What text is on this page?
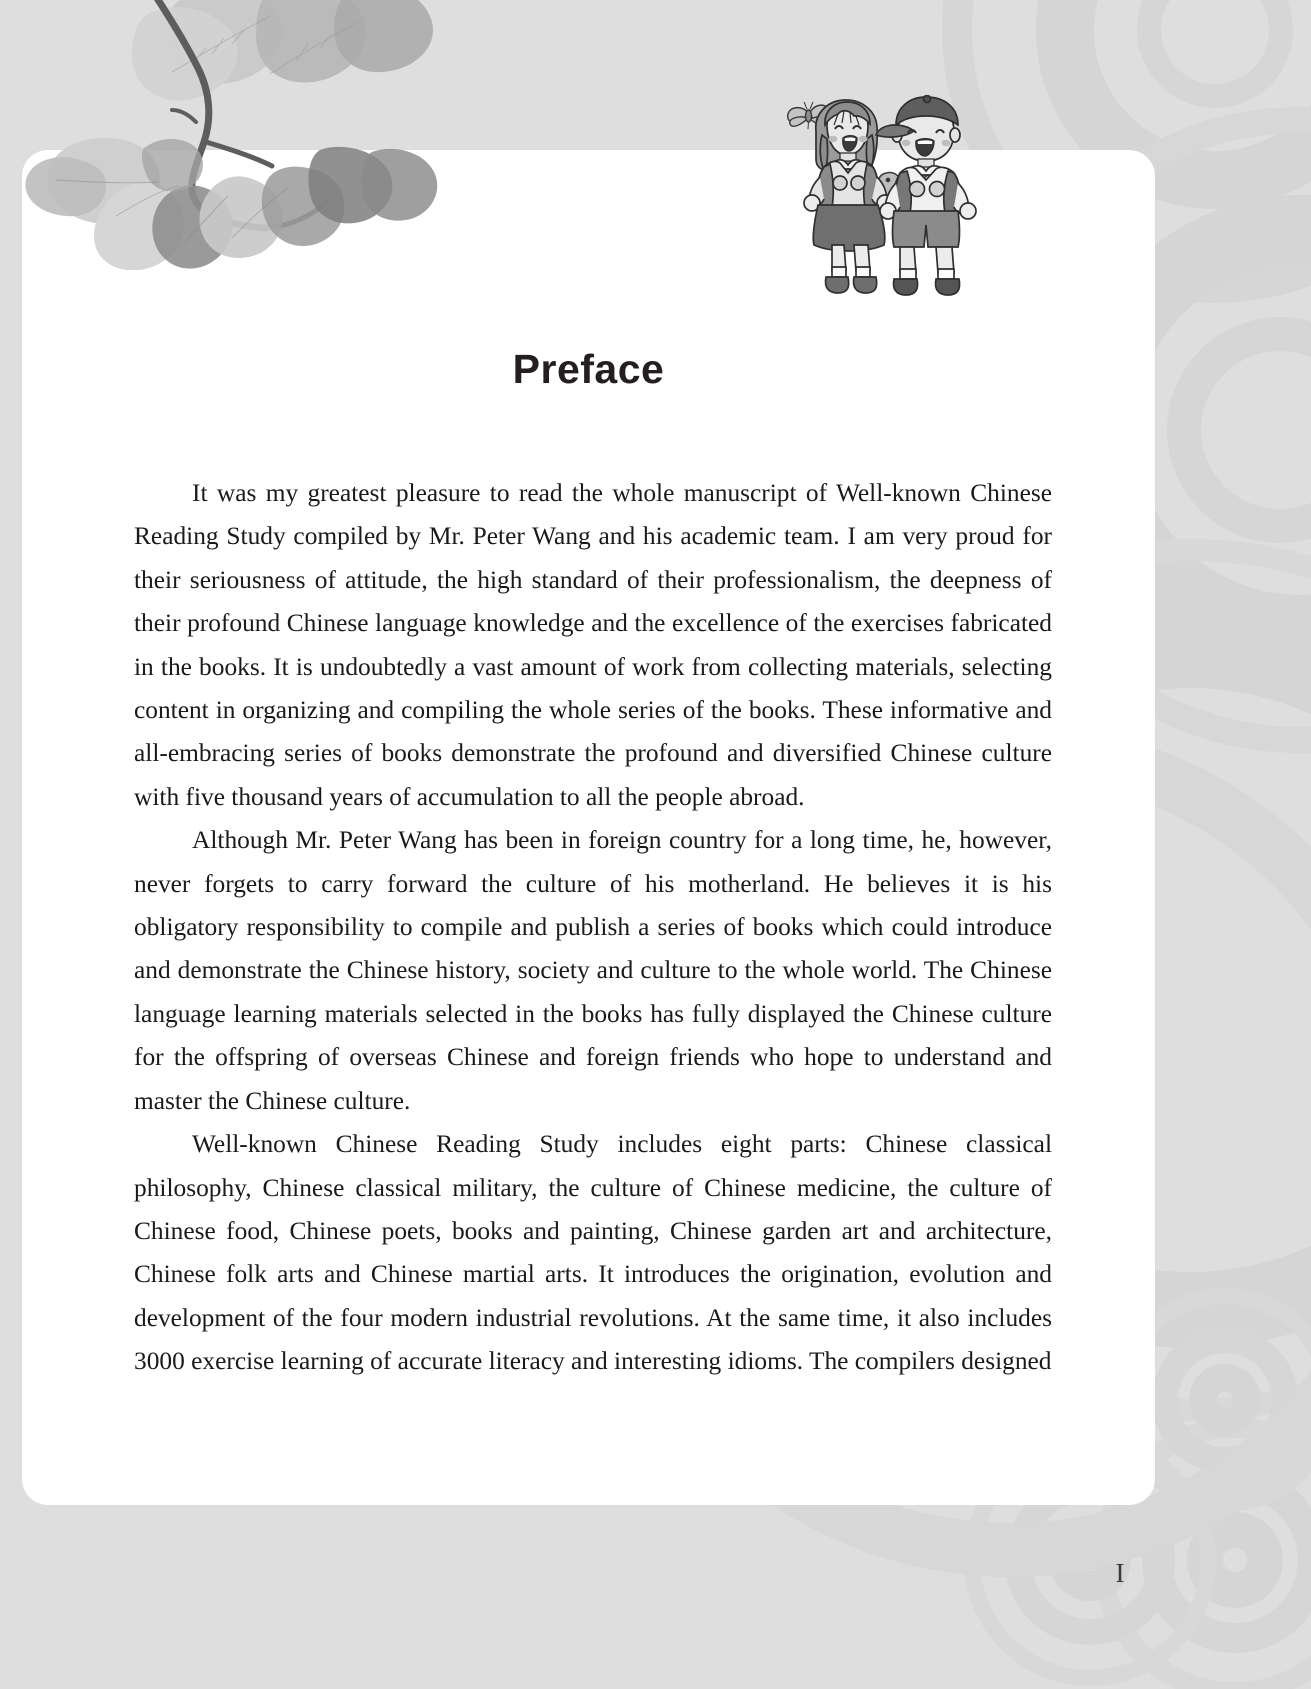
Preface

It was my greatest pleasure to read the whole manuscript of Well-known Chinese Reading Study compiled by Mr. Peter Wang and his academic team. I am very proud for their seriousness of attitude, the high standard of their professionalism, the deepness of their profound Chinese language knowledge and the excellence of the exercises fabricated in the books. It is undoubtedly a vast amount of work from collecting materials, selecting content in organizing and compiling the whole series of the books. These informative and all-embracing series of books demonstrate the profound and diversified Chinese culture with five thousand years of accumulation to all the people abroad.

Although Mr. Peter Wang has been in foreign country for a long time, he, however, never forgets to carry forward the culture of his motherland. He believes it is his obligatory responsibility to compile and publish a series of books which could introduce and demonstrate the Chinese history, society and culture to the whole world. The Chinese language learning materials selected in the books has fully displayed the Chinese culture for the offspring of overseas Chinese and foreign friends who hope to understand and master the Chinese culture.

Well-known Chinese Reading Study includes eight parts: Chinese classical philosophy, Chinese classical military, the culture of Chinese medicine, the culture of Chinese food, Chinese poets, books and painting, Chinese garden art and architecture, Chinese folk arts and Chinese martial arts. It introduces the origination, evolution and development of the four modern industrial revolutions. At the same time, it also includes 3000 exercise learning of accurate literacy and interesting idioms. The compilers designed

I
